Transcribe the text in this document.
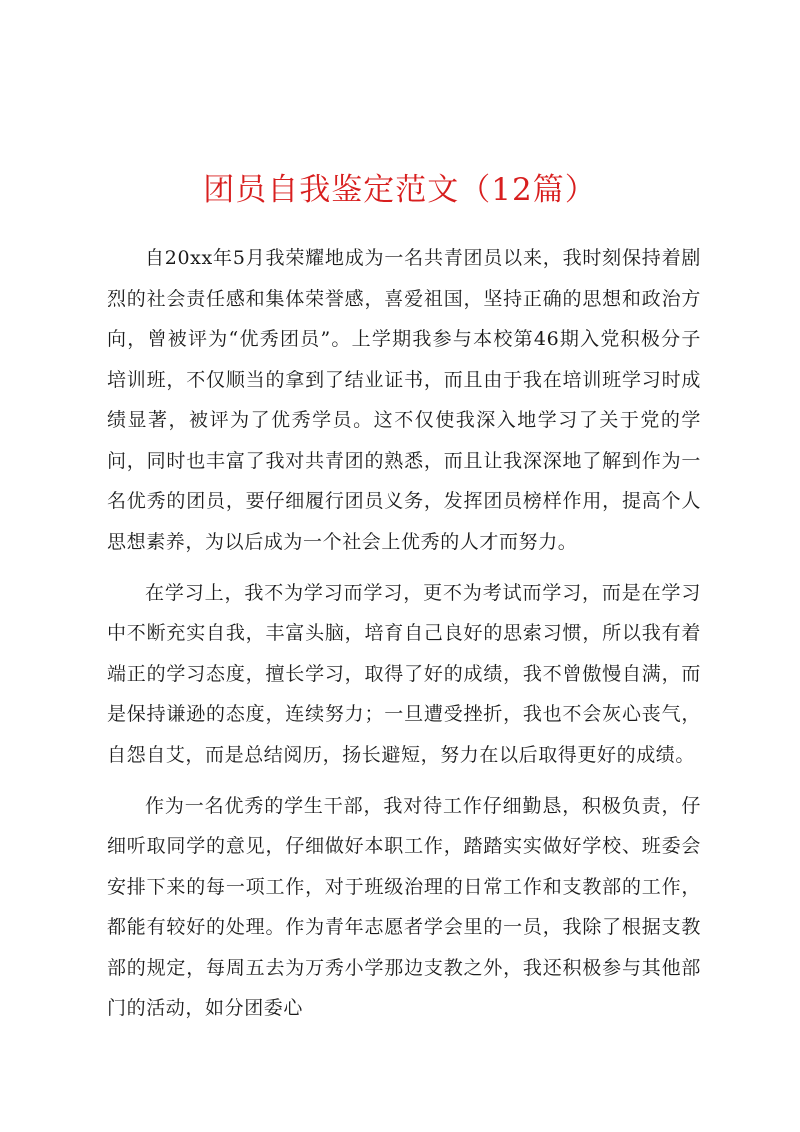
团员自我鉴定范文（12篇）

自20xx年5月我荣耀地成为一名共青团员以来，我时刻保持着剧烈的社会责任感和集体荣誉感，喜爱祖国，坚持正确的思想和政治方向，曾被评为“优秀团员”。上学期我参与本校第46期入党积极分子培训班，不仅顺当的拿到了结业证书，而且由于我在培训班学习时成绩显著，被评为了优秀学员。这不仅使我深入地学习了关于党的学问，同时也丰富了我对共青团的熟悉，而且让我深深地了解到作为一名优秀的团员，要仔细履行团员义务，发挥团员榜样作用，提高个人思想素养，为以后成为一个社会上优秀的人才而努力。

在学习上，我不为学习而学习，更不为考试而学习，而是在学习中不断充实自我，丰富头脑，培育自己良好的思索习惯，所以我有着端正的学习态度，擅长学习，取得了好的成绩，我不曾傲慢自满，而是保持谦逊的态度，连续努力；一旦遭受挫折，我也不会灰心丧气，自怨自艾，而是总结阅历，扬长避短，努力在以后取得更好的成绩。

作为一名优秀的学生干部，我对待工作仔细勤恳，积极负责，仔细听取同学的意见，仔细做好本职工作，踏踏实实做好学校、班委会安排下来的每一项工作，对于班级治理的日常工作和支教部的工作，都能有较好的处理。作为青年志愿者学会里的一员，我除了根据支教部的规定，每周五去为万秀小学那边支教之外，我还积极参与其他部门的活动，如分团委心
